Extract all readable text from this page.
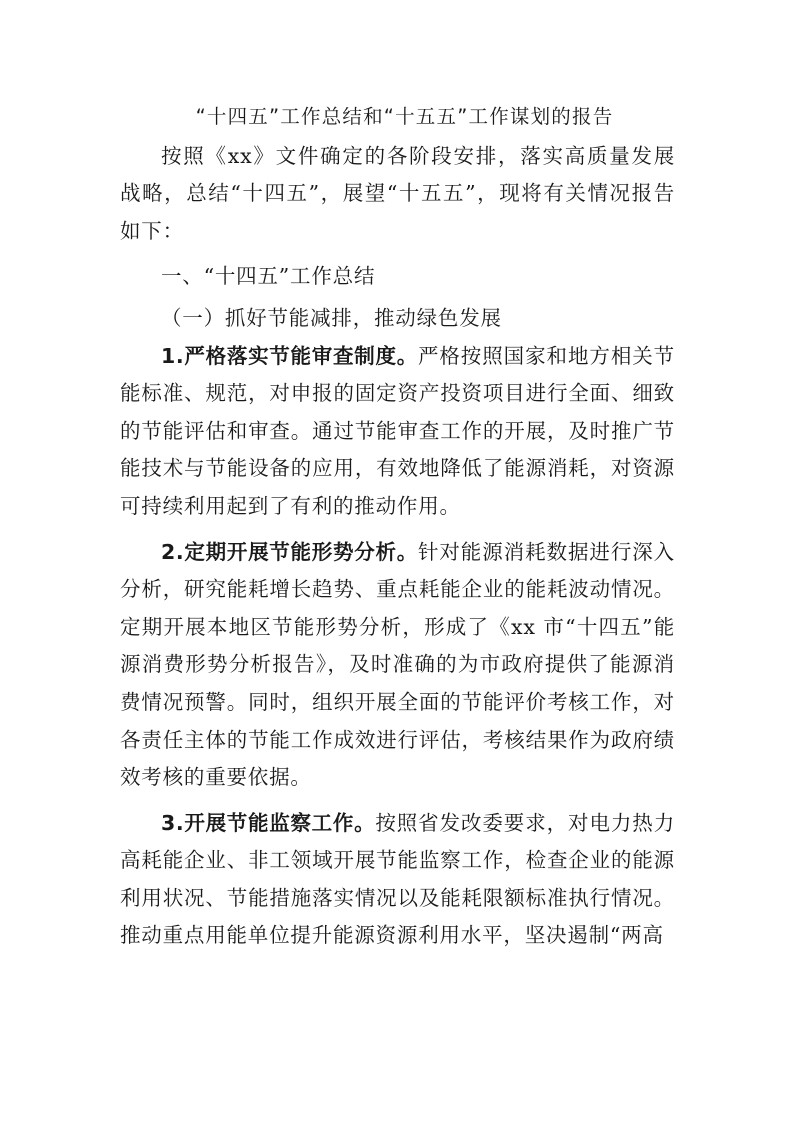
“十四五”工作总结和“十五五”工作谋划的报告

按照《xx》文件确定的各阶段安排，落实高质量发展战略，总结“十四五”，展望“十五五”，现将有关情况报告如下：

一、“十四五”工作总结

（一）抓好节能减排，推动绿色发展

1.严格落实节能审查制度。严格按照国家和地方相关节能标准、规范，对申报的固定资产投资项目进行全面、细致的节能评估和审查。通过节能审查工作的开展，及时推广节能技术与节能设备的应用，有效地降低了能源消耗，对资源可持续利用起到了有利的推动作用。

2.定期开展节能形势分析。针对能源消耗数据进行深入分析，研究能耗增长趋势、重点耗能企业的能耗波动情况。定期开展本地区节能形势分析，形成了《xx 市“十四五”能源消费形势分析报告》，及时准确的为市政府提供了能源消费情况预警。同时，组织开展全面的节能评价考核工作，对各责任主体的节能工作成效进行评估，考核结果作为政府绩效考核的重要依据。

3.开展节能监察工作。按照省发改委要求，对电力热力高耗能企业、非工领域开展节能监察工作，检查企业的能源利用状况、节能措施落实情况以及能耗限额标准执行情况。推动重点用能单位提升能源资源利用水平，坚决遏制“两高
